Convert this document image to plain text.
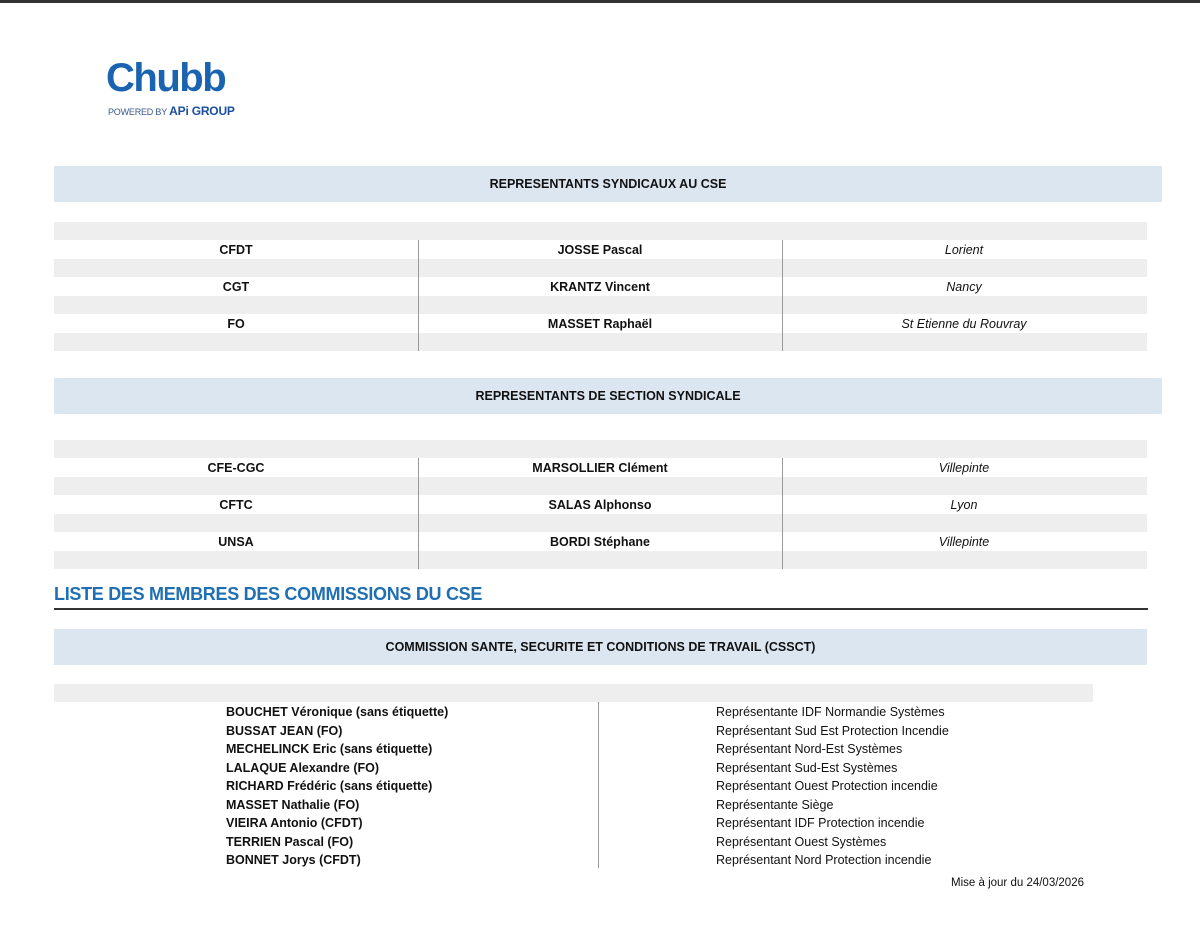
Chubb
POWERED BY APi GROUP
REPRESENTANTS SYNDICAUX AU CSE
CFDT	JOSSE Pascal	Lorient
CGT	KRANTZ Vincent	Nancy
FO	MASSET Raphaël	St Etienne du Rouvray
REPRESENTANTS DE SECTION SYNDICALE
CFE-CGC	MARSOLLIER Clément	Villepinte
CFTC	SALAS Alphonso	Lyon
UNSA	BORDI Stéphane	Villepinte
LISTE DES MEMBRES DES COMMISSIONS DU CSE
COMMISSION SANTE, SECURITE ET CONDITIONS DE TRAVAIL (CSSCT)
BOUCHET Véronique (sans étiquette)	Représentante IDF Normandie Systèmes
BUSSAT JEAN (FO)	Représentant Sud Est Protection Incendie
MECHELINCK Eric (sans étiquette)	Représentant Nord-Est Systèmes
LALAQUE Alexandre (FO)	Représentant Sud-Est Systèmes
RICHARD Frédéric (sans étiquette)	Représentant Ouest Protection incendie
MASSET Nathalie (FO)	Représentante Siège
VIEIRA Antonio (CFDT)	Représentant IDF Protection incendie
TERRIEN Pascal (FO)	Représentant Ouest Systèmes
BONNET Jorys (CFDT)	Représentant Nord Protection incendie
Mise à jour du 24/03/2026
